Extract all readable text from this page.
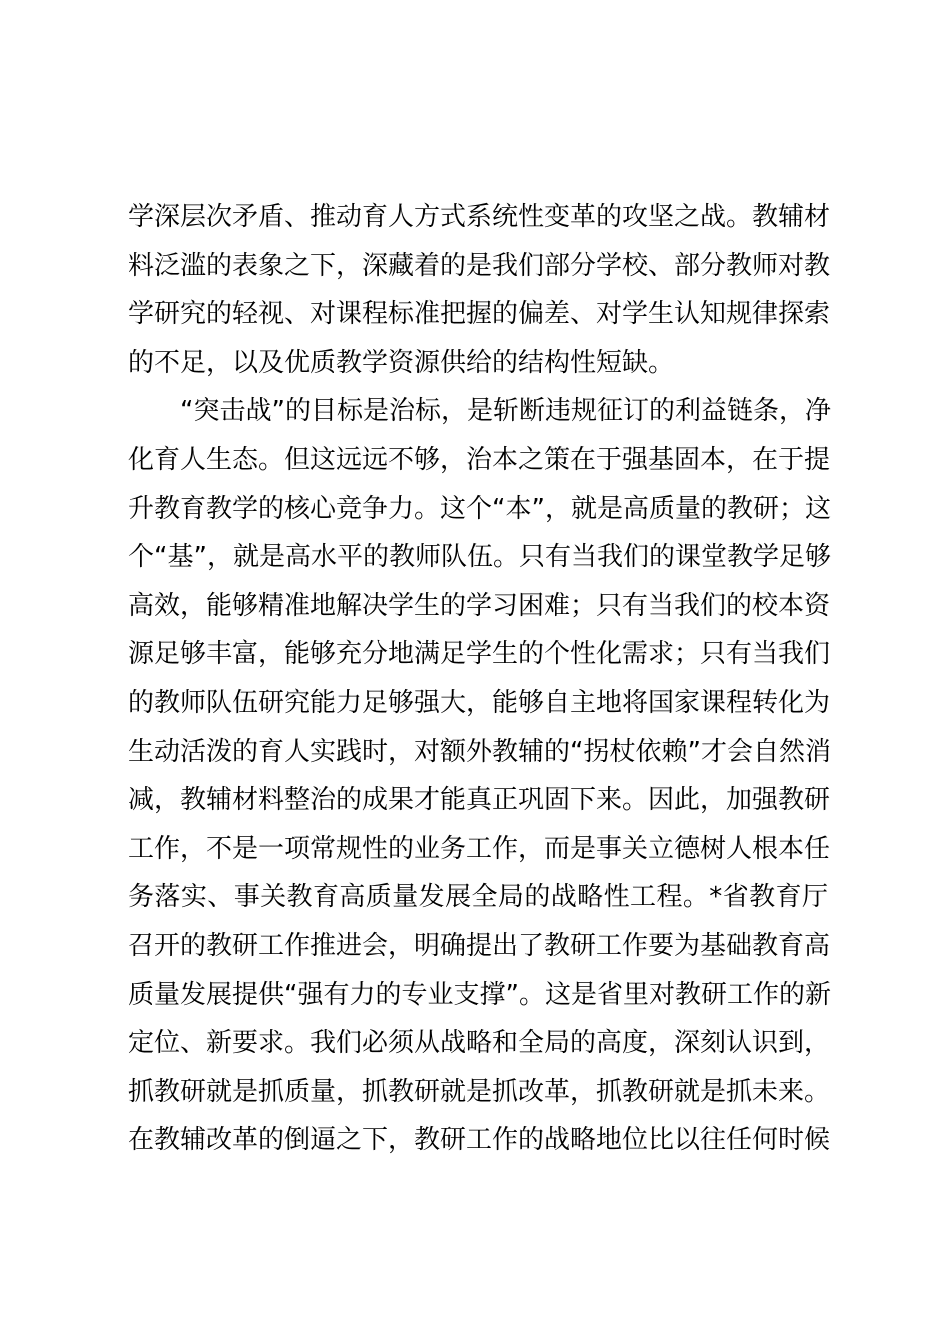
学深层次矛盾、推动育人方式系统性变革的攻坚之战。教辅材
料泛滥的表象之下，深藏着的是我们部分学校、部分教师对教
学研究的轻视、对课程标准把握的偏差、对学生认知规律探索
的不足，以及优质教学资源供给的结构性短缺。
“突击战”的目标是治标，是斩断违规征订的利益链条，净
化育人生态。但这远远不够，治本之策在于强基固本，在于提
升教育教学的核心竞争力。这个“本”，就是高质量的教研；这
个“基”，就是高水平的教师队伍。只有当我们的课堂教学足够
高效，能够精准地解决学生的学习困难；只有当我们的校本资
源足够丰富，能够充分地满足学生的个性化需求；只有当我们
的教师队伍研究能力足够强大，能够自主地将国家课程转化为
生动活泼的育人实践时，对额外教辅的“拐杖依赖”才会自然消
减，教辅材料整治的成果才能真正巩固下来。因此，加强教研
工作，不是一项常规性的业务工作，而是事关立德树人根本任
务落实、事关教育高质量发展全局的战略性工程。*省教育厅
召开的教研工作推进会，明确提出了教研工作要为基础教育高
质量发展提供“强有力的专业支撑”。这是省里对教研工作的新
定位、新要求。我们必须从战略和全局的高度，深刻认识到，
抓教研就是抓质量，抓教研就是抓改革，抓教研就是抓未来。
在教辅改革的倒逼之下，教研工作的战略地位比以往任何时候
